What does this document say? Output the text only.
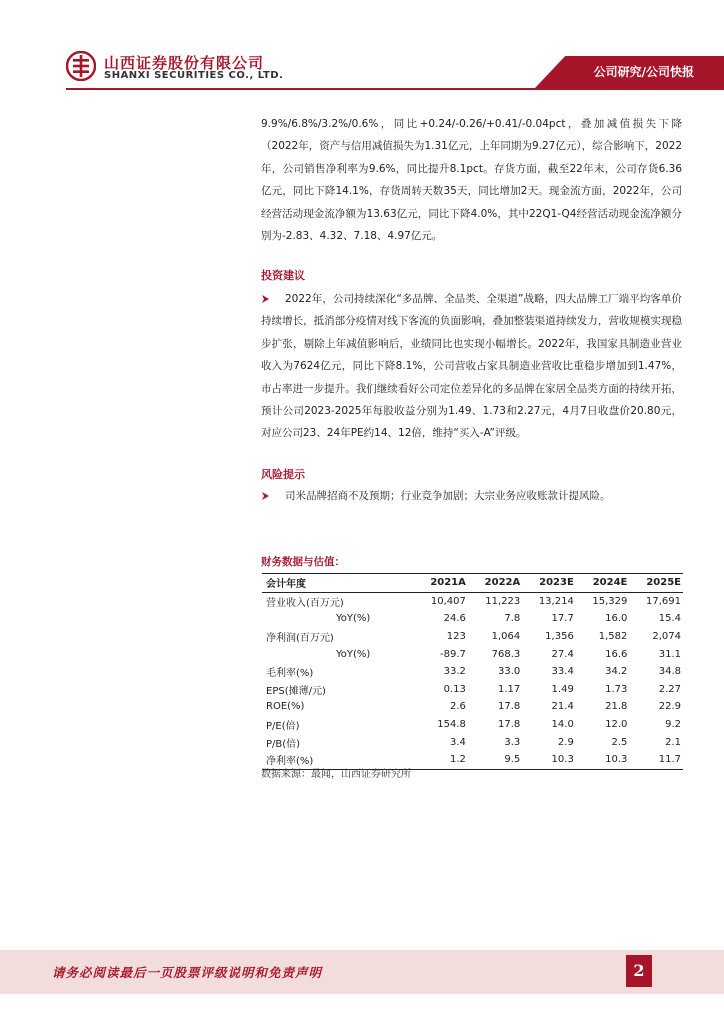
山西证券股份有限公司
SHANXI SECURITIES CO., LTD.	公司研究/公司快报
9.9%/6.8%/3.2%/0.6%，同比+0.24/-0.26/+0.41/-0.04pct，叠加减值损失下降（2022年，资产与信用减值损失为1.31亿元，上年同期为9.27亿元），综合影响下，2022年，公司销售净利率为9.6%，同比提升8.1pct。存货方面，截至22年末，公司存货6.36亿元，同比下降14.1%，存货周转天数35天，同比增加2天。现金流方面，2022年，公司经营活动现金流净额为13.63亿元，同比下降4.0%，其中22Q1-Q4经营活动现金流净额分别为-2.83、4.32、7.18、4.97亿元。
投资建议
2022年，公司持续深化“多品牌、全品类、全渠道”战略，四大品牌工厂端平均客单价持续增长，抵消部分疫情对线下客流的负面影响，叠加整装渠道持续发力，营收规模实现稳步扩张，剔除上年减值影响后，业绩同比也实现小幅增长。2022年，我国家具制造业营业收入为7624亿元，同比下降8.1%，公司营收占家具制造业营收比重稳步增加到1.47%，市占率进一步提升。我们继续看好公司定位差异化的多品牌在家居全品类方面的持续开拓，预计公司2023-2025年每股收益分别为1.49、1.73和2.27元，4月7日收盘价20.80元，对应公司23、24年PE约14、12倍，维持“买入-A”评级。
风险提示
司米品牌招商不及预期；行业竞争加剧；大宗业务应收账款计提风险。
财务数据与估值：
会计年度	2021A	2022A	2023E	2024E	2025E
营业收入(百万元)	10,407	11,223	13,214	15,329	17,691
YoY(%)	24.6	7.8	17.7	16.0	15.4
净利润(百万元)	123	1,064	1,356	1,582	2,074
YoY(%)	-89.7	768.3	27.4	16.6	31.1
毛利率(%)	33.2	33.0	33.4	34.2	34.8
EPS(摊薄/元)	0.13	1.17	1.49	1.73	2.27
ROE(%)	2.6	17.8	21.4	21.8	22.9
P/E(倍)	154.8	17.8	14.0	12.0	9.2
P/B(倍)	3.4	3.3	2.9	2.5	2.1
净利率(%)	1.2	9.5	10.3	10.3	11.7
数据来源：最闻，山西证券研究所
请务必阅读最后一页股票评级说明和免责声明	2
